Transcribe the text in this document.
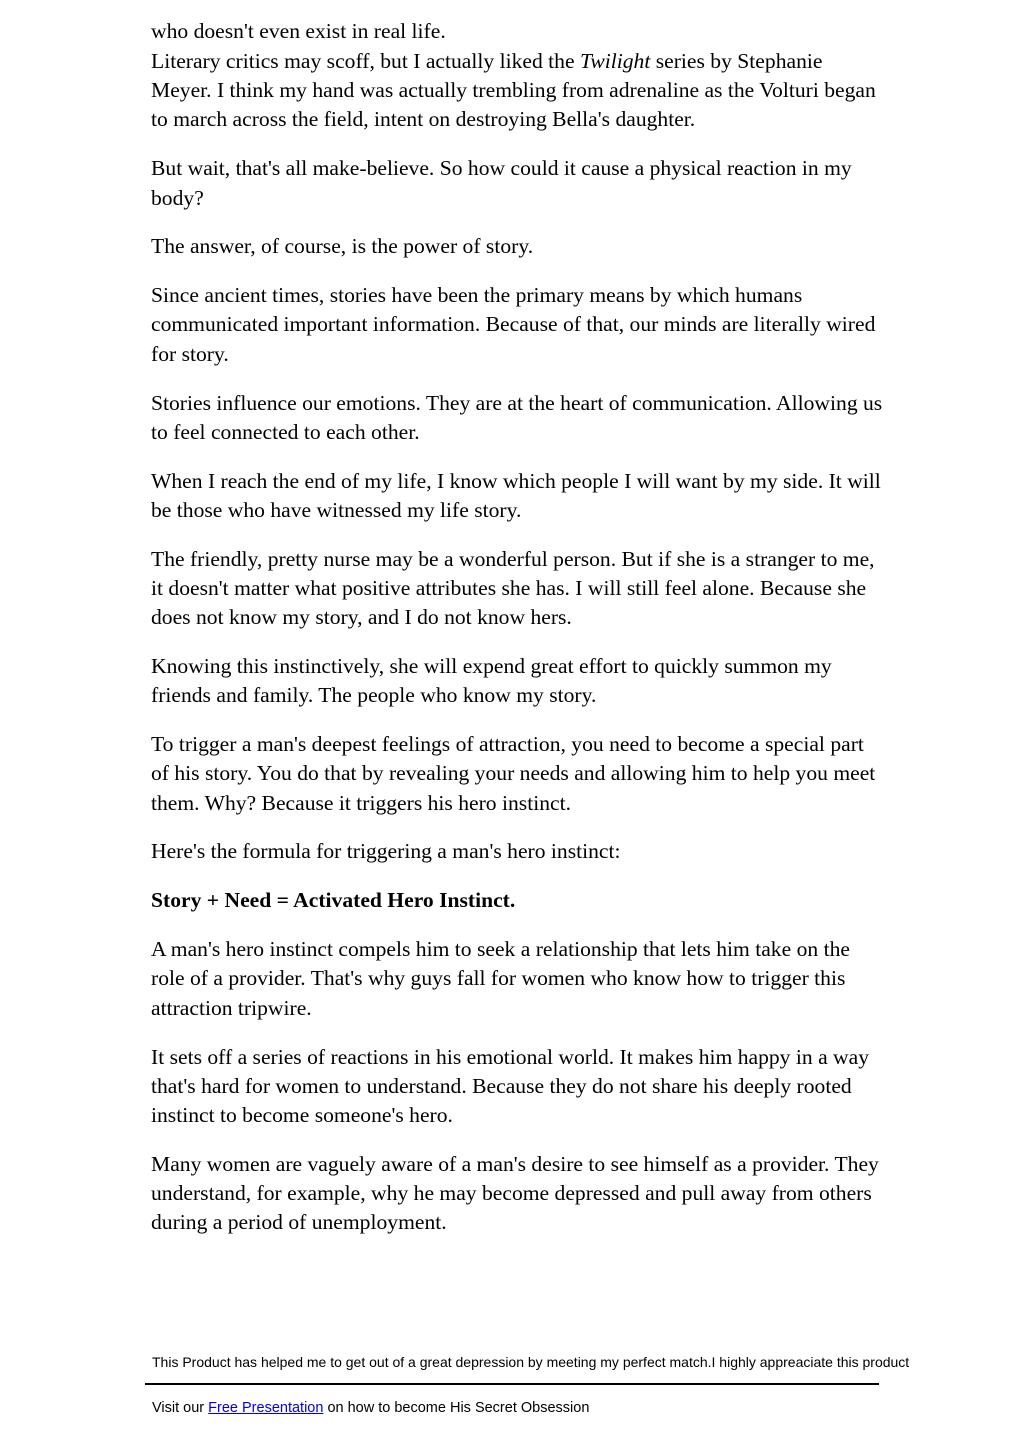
who doesn't even exist in real life.

Literary critics may scoff, but I actually liked the Twilight series by Stephanie Meyer. I think my hand was actually trembling from adrenaline as the Volturi began to march across the field, intent on destroying Bella's daughter.

But wait, that's all make-believe. So how could it cause a physical reaction in my body?

The answer, of course, is the power of story.

Since ancient times, stories have been the primary means by which humans communicated important information. Because of that, our minds are literally wired for story.

Stories influence our emotions. They are at the heart of communication. Allowing us to feel connected to each other.

When I reach the end of my life, I know which people I will want by my side. It will be those who have witnessed my life story.

The friendly, pretty nurse may be a wonderful person. But if she is a stranger to me, it doesn't matter what positive attributes she has. I will still feel alone. Because she does not know my story, and I do not know hers.

Knowing this instinctively, she will expend great effort to quickly summon my friends and family. The people who know my story.

To trigger a man's deepest feelings of attraction, you need to become a special part of his story. You do that by revealing your needs and allowing him to help you meet them. Why? Because it triggers his hero instinct.

Here's the formula for triggering a man's hero instinct:

Story + Need = Activated Hero Instinct.

A man's hero instinct compels him to seek a relationship that lets him take on the role of a provider. That's why guys fall for women who know how to trigger this attraction tripwire.

It sets off a series of reactions in his emotional world. It makes him happy in a way that's hard for women to understand. Because they do not share his deeply rooted instinct to become someone's hero.

Many women are vaguely aware of a man's desire to see himself as a provider. They understand, for example, why he may become depressed and pull away from others during a period of unemployment.

This Product has helped me to get out of a great depression by meeting my perfect match.I highly appreaciate this product
Visit our Free Presentation on how to become His Secret Obsession
